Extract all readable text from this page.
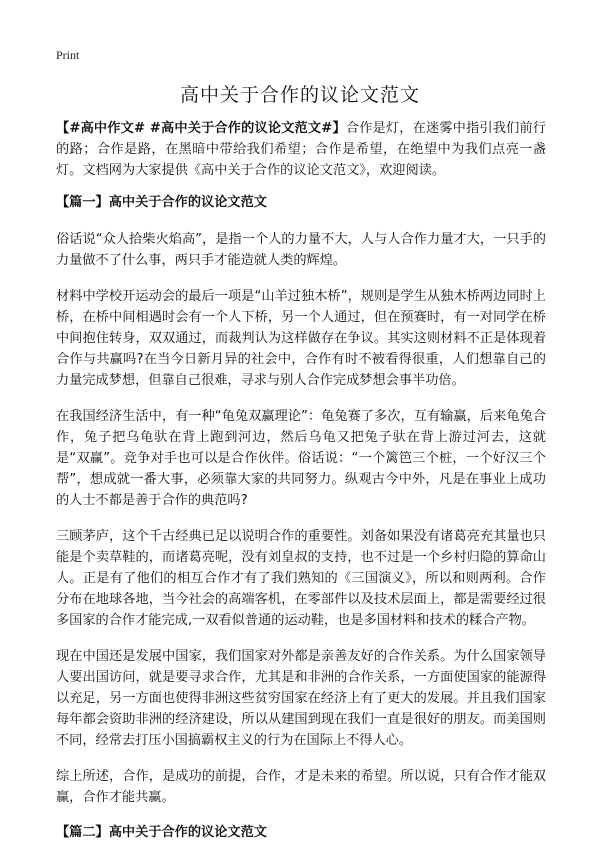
Print
高中关于合作的议论文范文

【#高中作文# #高中关于合作的议论文范文#】合作是灯，在迷雾中指引我们前行的路；合作是路，在黑暗中带给我们希望；合作是希望，在绝望中为我们点亮一盏灯。文档网为大家提供《高中关于合作的议论文范文》，欢迎阅读。

【篇一】高中关于合作的议论文范文

俗话说“众人拾柴火焰高”，是指一个人的力量不大，人与人合作力量才大，一只手的力量做不了什么事，两只手才能造就人类的辉煌。

材料中学校开运动会的最后一项是“山羊过独木桥”，规则是学生从独木桥两边同时上桥，在桥中间相遇时会有一个人下桥，另一个人通过，但在预赛时，有一对同学在桥中间抱住转身，双双通过，而裁判认为这样做存在争议。其实这则材料不正是体现着合作与共赢吗?在当今日新月异的社会中，合作有时不被看得很重，人们想靠自己的力量完成梦想，但靠自己很难，寻求与别人合作完成梦想会事半功倍。

在我国经济生活中，有一种“龟兔双赢理论”：龟兔赛了多次，互有输赢，后来龟兔合作，兔子把乌龟驮在背上跑到河边，然后乌龟又把兔子驮在背上游过河去，这就是“双赢”。竞争对手也可以是合作伙伴。俗话说：“一个篱笆三个桩，一个好汉三个帮”，想成就一番大事，必须靠大家的共同努力。纵观古今中外，凡是在事业上成功的人士不都是善于合作的典范吗?

三顾茅庐，这个千古经典已足以说明合作的重要性。刘备如果没有诸葛亮充其量也只能是个卖草鞋的，而诸葛亮呢，没有刘皇叔的支持，也不过是一个乡村归隐的算命山人。正是有了他们的相互合作才有了我们熟知的《三国演义》，所以和则两利。合作分布在地球各地，当今社会的高端客机，在零部件以及技术层面上，都是需要经过很多国家的合作才能完成,一双看似普通的运动鞋，也是多国材料和技术的糅合产物。

现在中国还是发展中国家，我们国家对外都是亲善友好的合作关系。为什么国家领导人要出国访问，就是要寻求合作，尤其是和非洲的合作关系，一方面使国家的能源得以充足，另一方面也使得非洲这些贫穷国家在经济上有了更大的发展。并且我们国家每年都会资助非洲的经济建设，所以从建国到现在我们一直是很好的朋友。而美国则不同，经常去打压小国搞霸权主义的行为在国际上不得人心。

综上所述，合作，是成功的前提，合作，才是未来的希望。所以说，只有合作才能双赢，合作才能共赢。

【篇二】高中关于合作的议论文范文
